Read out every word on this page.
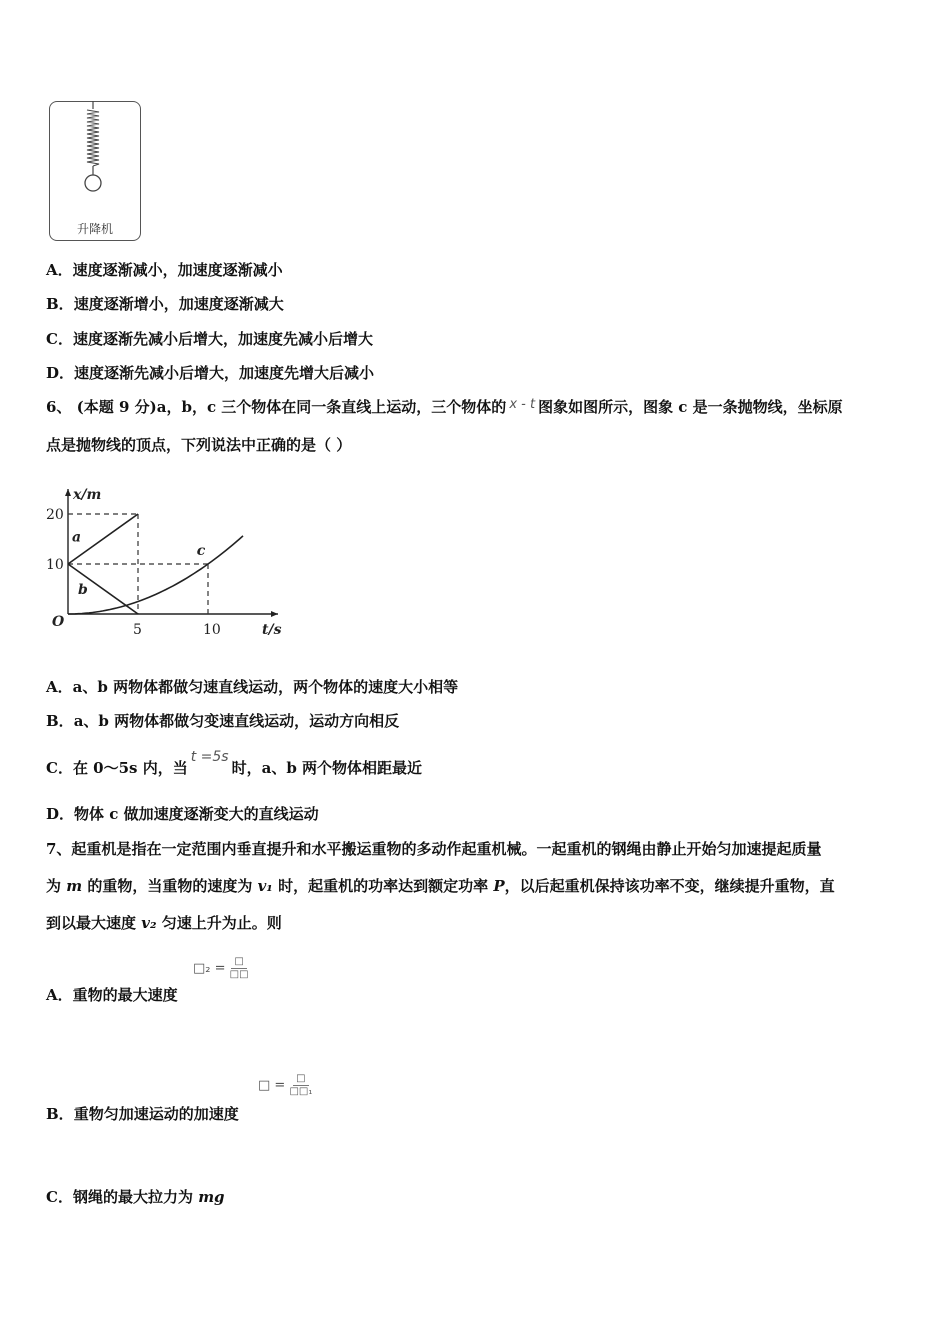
升降机
A．速度逐渐减小，加速度逐渐减小
B．速度逐渐增小，加速度逐渐减大
C．速度逐渐先减小后增大，加速度先减小后增大
D．速度逐渐先减小后增大，加速度先增大后减小
6、 (本题 9 分)a，b，c 三个物体在同一条直线上运动，三个物体的 x - t 图象如图所示，图象 c 是一条抛物线，坐标原
点是抛物线的顶点，下列说法中正确的是（ ）
x/m
t/s
O
20
10
5	10
a
b
c
A．a、b 两物体都做匀速直线运动，两个物体的速度大小相等
B．a、b 两物体都做匀变速直线运动，运动方向相反
C．在 0～5s 内，当t =5s时，a、b 两个物体相距最近
D．物体 c 做加速度逐渐变大的直线运动
7、起重机是指在一定范围内垂直提升和水平搬运重物的多动作起重机械。一起重机的钢绳由静止开始匀加速提起质量
为 m 的重物，当重物的速度为 v₁ 时，起重机的功率达到额定功率 P，以后起重机保持该功率不变，继续提升重物，直
到以最大速度 v₂ 匀速上升为止。则
□₂ = $\frac{□}{□□}$
A．重物的最大速度
□ = $\frac{□}{\text{□□₁}}$
B．重物匀加速运动的加速度
C．钢绳的最大拉力为 mg
